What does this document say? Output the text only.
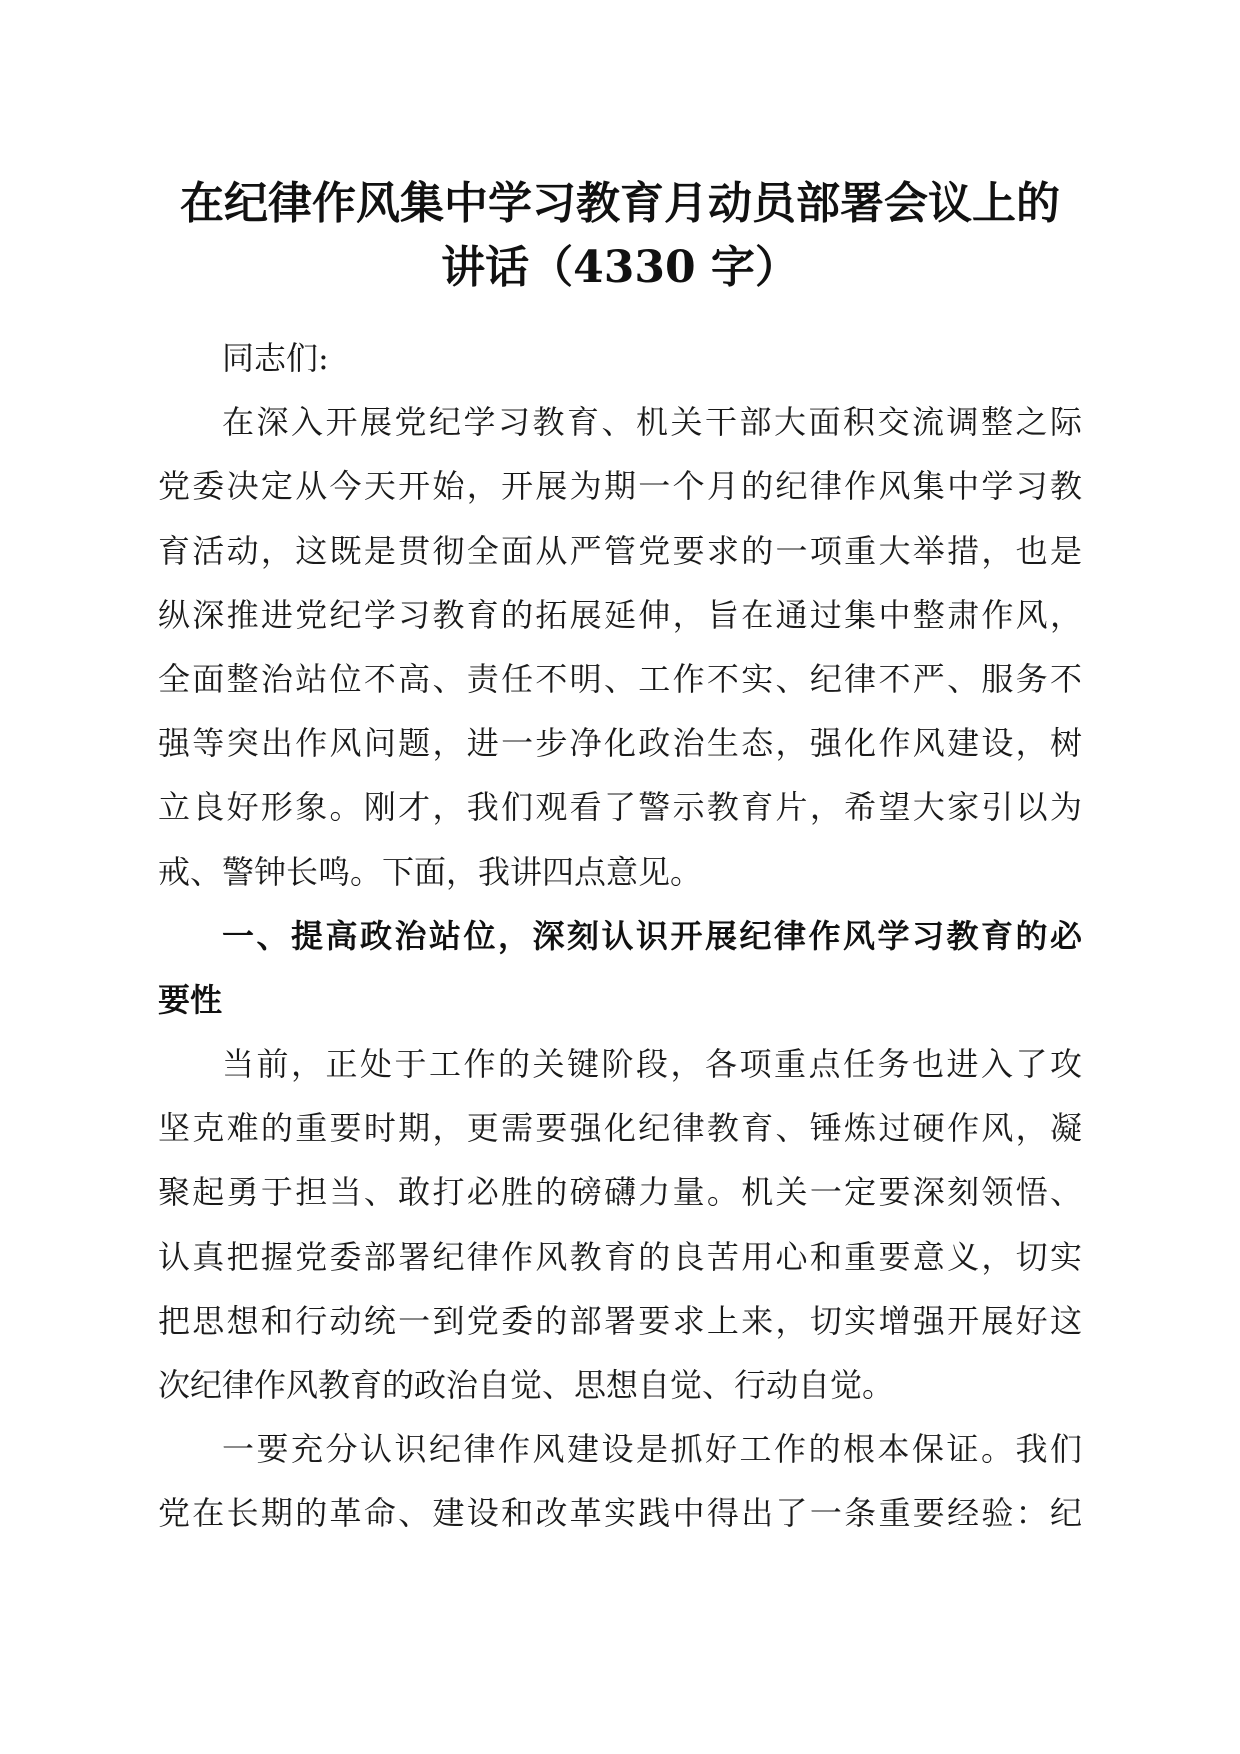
在纪律作风集中学习教育月动员部署会议上的
讲话（4330 字）
同志们:
在深入开展党纪学习教育、机关干部大面积交流调整之际
党委决定从今天开始，开展为期一个月的纪律作风集中学习教
育活动，这既是贯彻全面从严管党要求的一项重大举措，也是
纵深推进党纪学习教育的拓展延伸，旨在通过集中整肃作风，
全面整治站位不高、责任不明、工作不实、纪律不严、服务不
强等突出作风问题，进一步净化政治生态，强化作风建设，树
立良好形象。刚才，我们观看了警示教育片，希望大家引以为
戒、警钟长鸣。下面，我讲四点意见。
一、提高政治站位，深刻认识开展纪律作风学习教育的必
要性
当前，正处于工作的关键阶段，各项重点任务也进入了攻
坚克难的重要时期，更需要强化纪律教育、锤炼过硬作风，凝
聚起勇于担当、敢打必胜的磅礴力量。机关一定要深刻领悟、
认真把握党委部署纪律作风教育的良苦用心和重要意义，切实
把思想和行动统一到党委的部署要求上来，切实增强开展好这
次纪律作风教育的政治自觉、思想自觉、行动自觉。
一要充分认识纪律作风建设是抓好工作的根本保证。我们
党在长期的革命、建设和改革实践中得出了一条重要经验：纪
